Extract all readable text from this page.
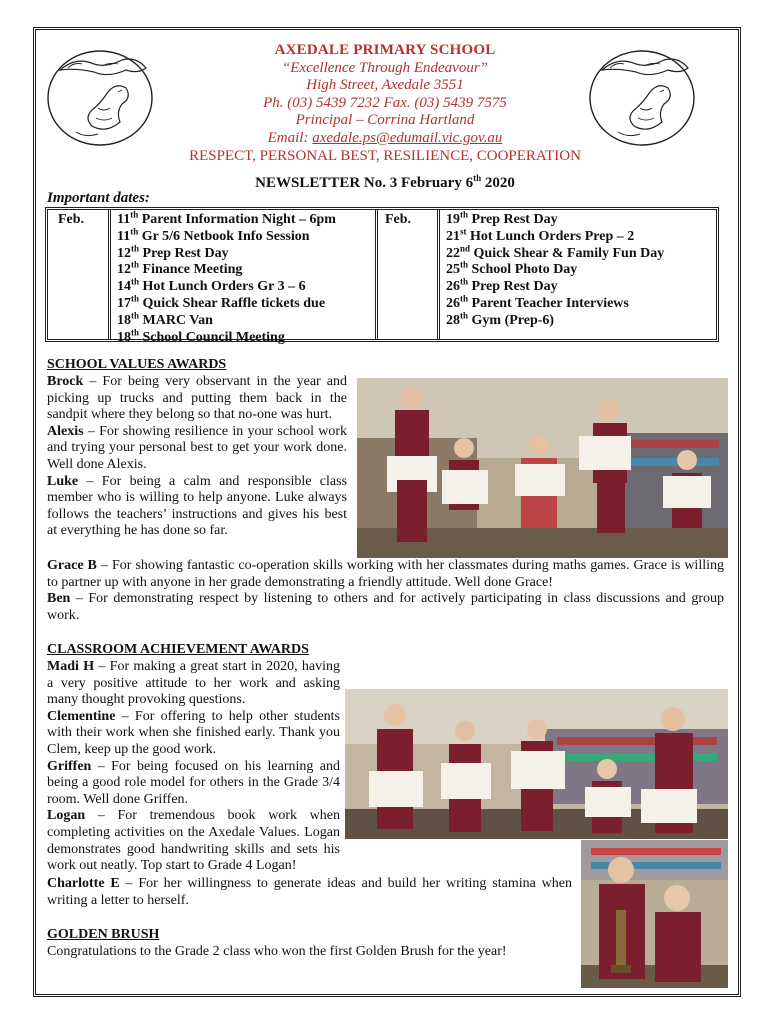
AXEDALE PRIMARY SCHOOL
“Excellence Through Endeavour”
High Street, Axedale 3551
Ph. (03) 5439 7232 Fax. (03) 5439 7575
Principal – Corrina Hartland
Email: axedale.ps@edumail.vic.gov.au
RESPECT, PERSONAL BEST, RESILIENCE, COOPERATION
NEWSLETTER No. 3 February 6th 2020
Important dates:
Feb. 11th Parent Information Night – 6pm
11th Gr 5/6 Netbook Info Session
12th Prep Rest Day
12th Finance Meeting
14th Hot Lunch Orders Gr 3 – 6
17th Quick Shear Raffle tickets due
18th MARC Van
18th School Council Meeting
Feb. 19th Prep Rest Day
21st Hot Lunch Orders Prep – 2
22nd Quick Shear & Family Fun Day
25th School Photo Day
26th Prep Rest Day
26th Parent Teacher Interviews
28th Gym (Prep-6)
SCHOOL VALUES AWARDS

Brock – For being very observant in the year and picking up trucks and putting them back in the sandpit where they belong so that no-one was hurt.

Alexis – For showing resilience in your school work and trying your personal best to get your work done. Well done Alexis.

Luke – For being a calm and responsible class member who is willing to help anyone. Luke always follows the teachers’ instructions and gives his best at everything he has done so far.

Grace B – For showing fantastic co-operation skills working with her classmates during maths games. Grace is willing to partner up with anyone in her grade demonstrating a friendly attitude. Well done Grace!

Ben – For demonstrating respect by listening to others and for actively participating in class discussions and group work.

CLASSROOM ACHIEVEMENT AWARDS

Madi H – For making a great start in 2020, having a very positive attitude to her work and asking many thought provoking questions.

Clementine – For offering to help other students with their work when she finished early. Thank you Clem, keep up the good work.

Griffen – For being focused on his learning and being a good role model for others in the Grade 3/4 room. Well done Griffen.

Logan – For tremendous book work when completing activities on the Axedale Values. Logan demonstrates good handwriting skills and sets his work out neatly. Top start to Grade 4 Logan!

Charlotte E – For her willingness to generate ideas and build her writing stamina when writing a letter to herself.

GOLDEN BRUSH

Congratulations to the Grade 2 class who won the first Golden Brush for the year!
